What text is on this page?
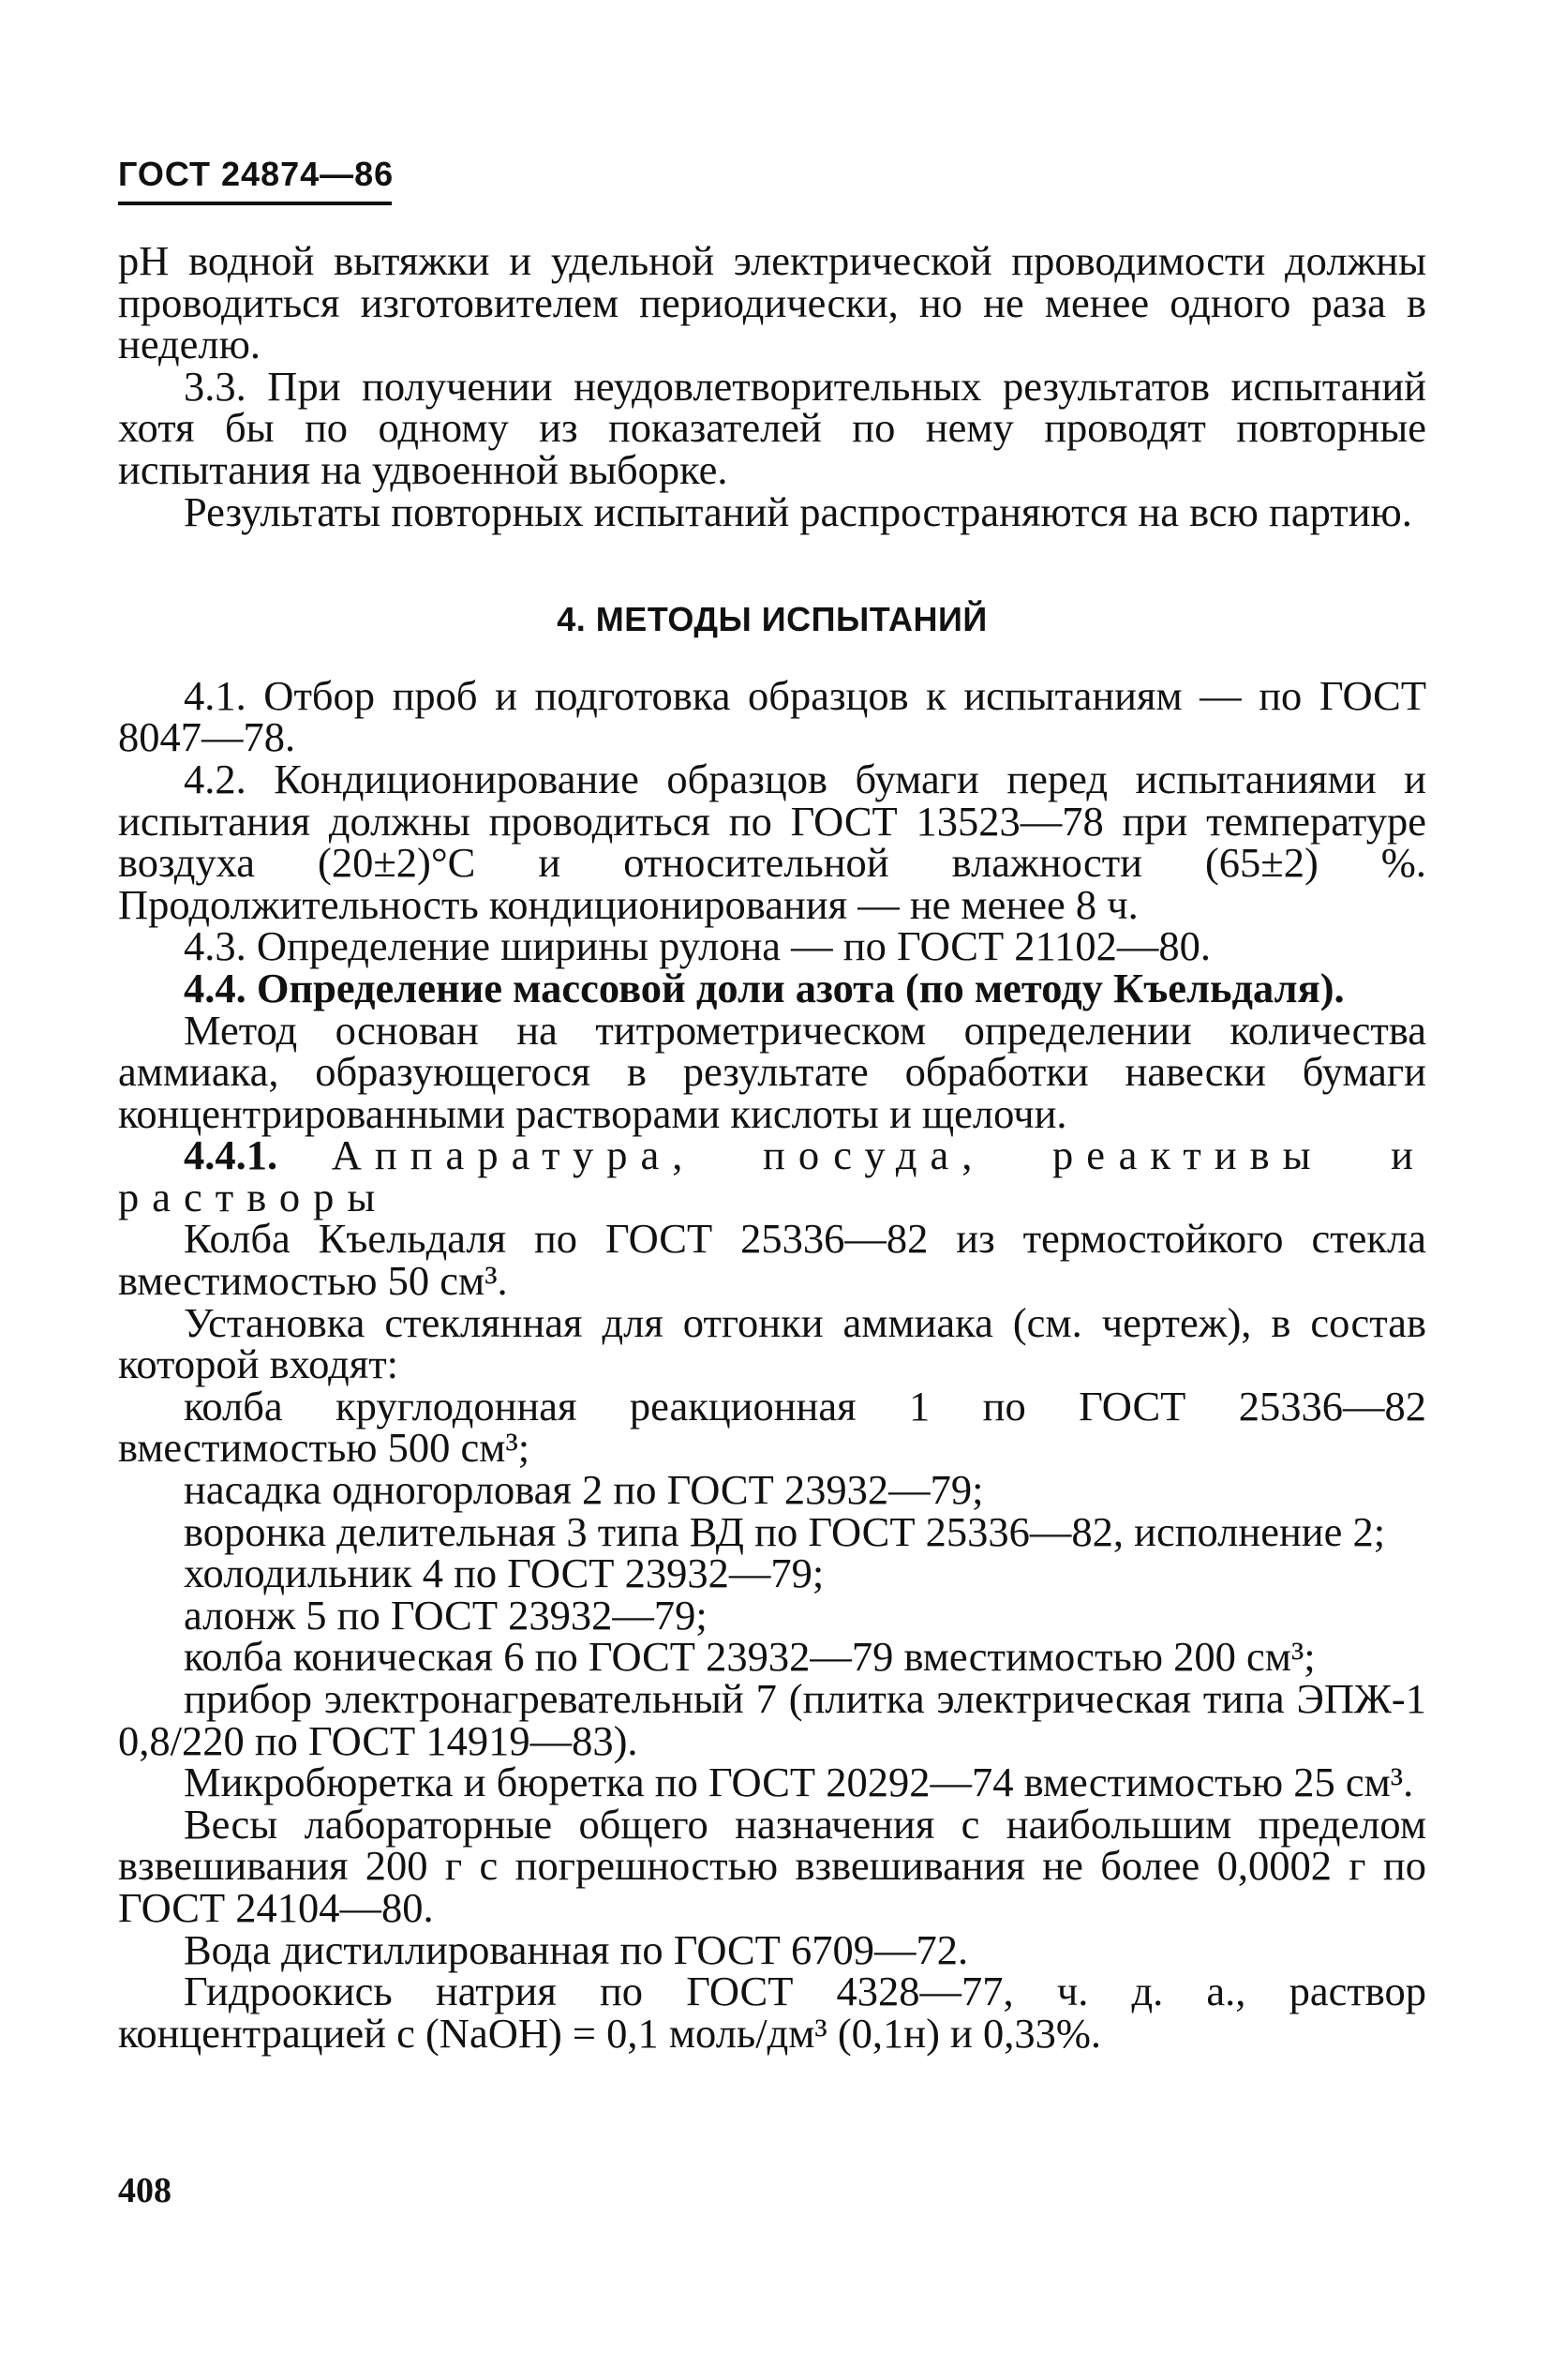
ГОСТ 24874—86

рН водной вытяжки и удельной электрической проводимости должны проводиться изготовителем периодически, но не менее одного раза в неделю.

3.3. При получении неудовлетворительных результатов испытаний хотя бы по одному из показателей по нему проводят повторные испытания на удвоенной выборке.

Результаты повторных испытаний распространяются на всю партию.

4. МЕТОДЫ ИСПЫТАНИЙ

4.1. Отбор проб и подготовка образцов к испытаниям — по ГОСТ 8047—78.

4.2. Кондиционирование образцов бумаги перед испытаниями и испытания должны проводиться по ГОСТ 13523—78 при температуре воздуха (20±2)°С и относительной влажности (65±2) %. Продолжительность кондиционирования — не менее 8 ч.

4.3. Определение ширины рулона — по ГОСТ 21102—80.

4.4. Определение массовой доли азота (по методу Къельдаля).

Метод основан на титрометрическом определении количества аммиака, образующегося в результате обработки навески бумаги концентрированными растворами кислоты и щелочи.

4.4.1. Аппаратура, посуда, реактивы и растворы

Колба Къельдаля по ГОСТ 25336—82 из термостойкого стекла вместимостью 50 см³.

Установка стеклянная для отгонки аммиака (см. чертеж), в состав которой входят:

колба круглодонная реакционная 1 по ГОСТ 25336—82 вместимостью 500 см³;

насадка одногорловая 2 по ГОСТ 23932—79;

воронка делительная 3 типа ВД по ГОСТ 25336—82, исполнение 2;

холодильник 4 по ГОСТ 23932—79;

алонж 5 по ГОСТ 23932—79;

колба коническая 6 по ГОСТ 23932—79 вместимостью 200 см³;

прибор электронагревательный 7 (плитка электрическая типа ЭПЖ-1 0,8/220 по ГОСТ 14919—83).

Микробюретка и бюретка по ГОСТ 20292—74 вместимостью 25 см³.

Весы лабораторные общего назначения с наибольшим пределом взвешивания 200 г с погрешностью взвешивания не более 0,0002 г по ГОСТ 24104—80.

Вода дистиллированная по ГОСТ 6709—72.

Гидроокись натрия по ГОСТ 4328—77, ч. д. а., раствор концентрацией с (NaOH) = 0,1 моль/дм³ (0,1н) и 0,33%.

408
